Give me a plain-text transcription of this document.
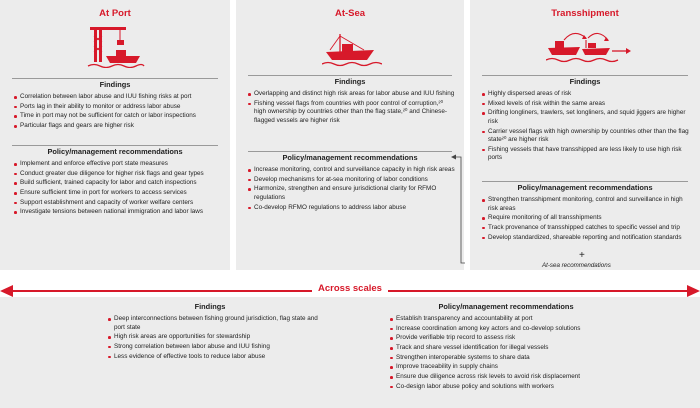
At Port
Findings
Correlation between labor abuse and IUU fishing risks at port
Ports lag in their ability to monitor or address labor abuse
Time in port may not be sufficient for catch or labor inspections
Particular flags and gears are higher risk
Policy/management recommendations
Implement and enforce effective port state measures
Conduct greater due diligence for higher risk flags and gear types
Build sufficient, trained capacity for labor and catch inspections
Ensure sufficient time in port for workers to access services
Support establishment and capacity of worker welfare centers
Investigate tensions between national immigration and labor laws
At-Sea
Findings
Overlapping and distinct high risk areas for labor abuse and IUU fishing
Fishing vessel flags from countries with poor control of corruption,²⁰ high ownership by countries other than the flag state,²⁰ and Chinese-flagged vessels are higher risk
Policy/management recommendations
Increase monitoring, control and surveillance capacity in high risk areas
Develop mechanisms for at-sea monitoring of labor conditions
Harmonize, strengthen and ensure jurisdictional clarity for RFMO regulations
Co-develop RFMO regulations to address labor abuse
Transshipment
Findings
Highly dispersed areas of risk
Mixed levels of risk within the same areas
Drifting longliners, trawlers, set longliners, and squid jiggers are higher risk
Carrier vessel flags with high ownership by countries other than the flag state²⁰ are higher risk
Fishing vessels that have transshipped are less likely to use high risk ports
Policy/management recommendations
Strengthen transshipment monitoring, control and surveillance in high risk areas
Require monitoring of all transshipments
Track provenance of transshipped catches to specific vessel and trip
Develop standardized, shareable reporting and notification standards
+
At-sea recommendations
Across scales
Findings
Deep interconnections between fishing ground jurisdiction, flag state and port state
High risk areas are opportunities for stewardship
Strong correlation between labor abuse and IUU fishing
Less evidence of effective tools to reduce labor abuse
Policy/management recommendations
Establish transparency and accountability at port
Increase coordination among key actors and co-develop solutions
Provide verifiable trip record to assess risk
Track and share vessel identification for illegal vessels
Strengthen interoperable systems to share data
Improve traceability in supply chains
Ensure due diligence across risk levels to avoid risk displacement
Co-design labor abuse policy and solutions with workers
